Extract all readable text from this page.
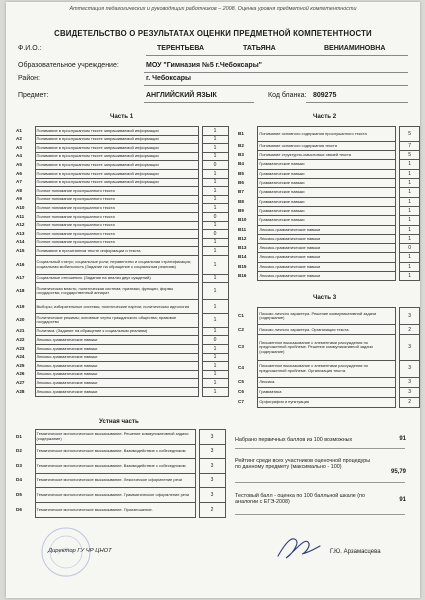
Аттестация педагогических и руководящих работников – 2008. Оценка уровня предметной компетентности
СВИДЕТЕЛЬСТВО О РЕЗУЛЬТАТАХ ОЦЕНКИ ПРЕДМЕТНОЙ КОМПЕТЕНТНОСТИ
Ф.И.О.:	ТЕРЕНТЬЕВА	ТАТЬЯНА	ВЕНИАМИНОВНА
Образовательное учреждение:	МОУ "Гимназия №5 г.Чебоксары"
Район:	г. Чебоксары
Предмет:	АНГЛИЙСКИЙ ЯЗЫК	Код бланка: 809275
Часть 1	Часть 2
Часть 3
Устная часть
А1	Понимание в прослушанном тексте запрашиваемой информации		1
А2	Понимание в прослушанном тексте запрашиваемой информации		1
А3	Понимание в прослушанном тексте запрашиваемой информации		1
А4	Понимание в прослушанном тексте запрашиваемой информации		1
А5	Понимание в прослушанном тексте запрашиваемой информации		0
А6	Понимание в прослушанном тексте запрашиваемой информации		1
А7	Понимание в прослушанном тексте запрашиваемой информации		1
А8	Полное понимание прослушанного текста		1
А9	Полное понимание прослушанного текста		1
А10	Полное понимание прослушанного текста		1
А11	Полное понимание прослушанного текста		0
А12	Полное понимание прослушанного текста		1
А13	Полное понимание прослушанного текста		0
А14	Полное понимание прослушанного текста		1
А15	Понимание в прочитанном тексте информации и текста		1
А16	Социальный статус; социальные роли; неравенство и социальная стратификация; социальная мобильность (Задание на обращение к социальным реалиям)		1
А17	Социальные отношения. (Задание на анализ двух суждений)		1
А18	Политическая власть; политическая система; признаки, функции, формы государства; государственный аппарат		1
А19	Выборы; избирательные системы; политические партии; политическая идеология		1
А20	Политические режимы; основные черты гражданского общества; правовое государство		1
А21	Политика. (Задание на обращение к социальным реалиям)		1
А22	Лексико-грамматические навыки		0
А23	Лексико-грамматические навыки		1
А24	Лексико-грамматические навыки		1
А25	Лексико-грамматические навыки		1
А26	Лексико-грамматические навыки		1
А27	Лексико-грамматические навыки		1
А28	Лексико-грамматические навыки		1
В1	Понимание основного содержания прослушанного текста		5
В2	Понимание основного содержания текста		7
В3	Понимание структурно-смысловых связей текста		5
В4	Грамматические навыки		1
В5	Грамматические навыки		1
В6	Грамматические навыки		1
В7	Грамматические навыки		1
В8	Грамматические навыки		1
В9	Грамматические навыки		1
В10	Грамматические навыки		1
В11	Лексико-грамматические навыки		1
В12	Лексико-грамматические навыки		1
В13	Лексико-грамматические навыки		0
В14	Лексико-грамматические навыки		1
В15	Лексико-грамматические навыки		1
В16	Лексико-грамматические навыки		1
С1	Письмо личного характера. Решение коммуникативной задачи (содержание)		3
С2	Письмо личного характера. Организация текста.		2
С3	Письменное высказывание с элементами рассуждения по предложенной проблеме. Решение коммуникативной задачи (содержание)		3
С4	Письменное высказывание с элементами рассуждения по предложенной проблеме. Организация текста.		3
С5	Лексика.		3
С6	Грамматика		3
С7	Орфография и пунктуация		2
D1	Тематическое монологическое высказывание. Решение коммуникативной задачи (содержание)		3
D2	Тематическое монологическое высказывание. Взаимодействие с собеседником		3
D3	Тематическое монологическое высказывание. Взаимодействие с собеседником		3
D4	Тематическое монологическое высказывание. Лексическое оформление речи		3
D5	Тематическое монологическое высказывание. Грамматическое оформление речи		3
D6	Тематическое монологическое высказывание. Произношение.		2
Набрано первичных баллов из 100 возможных	91
Рейтинг среди всех участников оценочной процедуры по данному предмету (максимально - 100)
95,79
Тестовый балл - оценка по 100 балльной шкале (по аналогии с ЕГЭ-2008)	91
Директор ГУ ЧР ЦНОТ	Г.Ю. Арзамасцева
